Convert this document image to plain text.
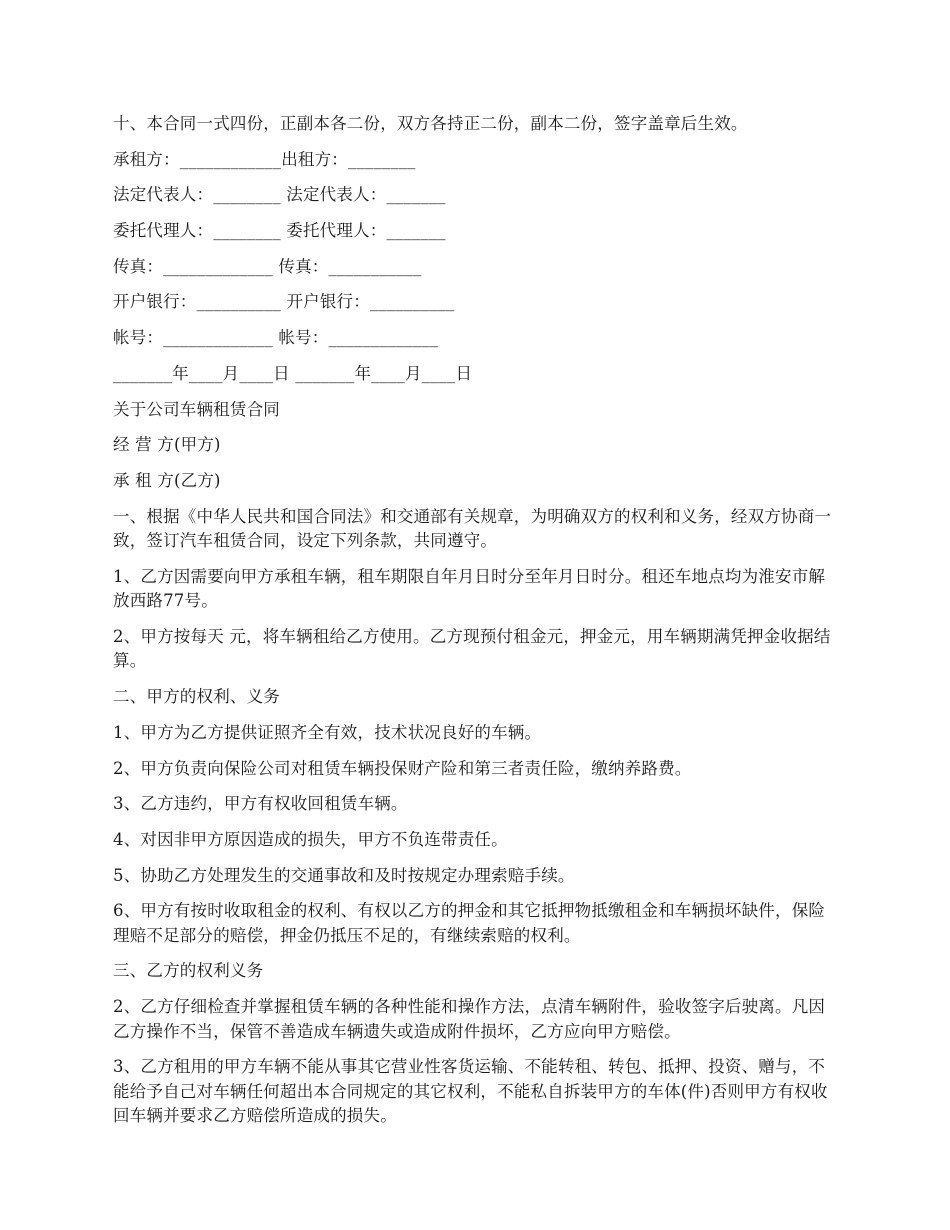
十、本合同一式四份，正副本各二份，双方各持正二份，副本二份，签字盖章后生效。

承租方：____________出租方：________

法定代表人：________ 法定代表人：_______

委托代理人：________ 委托代理人：_______

传真：_____________ 传真：___________

开户银行：__________ 开户银行：__________

帐号：_____________ 帐号：_____________

_______年____月____日 _______年____月____日

关于公司车辆租赁合同

经 营 方(甲方)

承 租 方(乙方)

一、根据《中华人民共和国合同法》和交通部有关规章，为明确双方的权利和义务，经双方协商一致，签订汽车租赁合同，设定下列条款，共同遵守。

1、乙方因需要向甲方承租车辆，租车期限自年月日时分至年月日时分。租还车地点均为淮安市解放西路77号。

2、甲方按每天 元，将车辆租给乙方使用。乙方现预付租金元，押金元，用车辆期满凭押金收据结算。

二、甲方的权利、义务

1、甲方为乙方提供证照齐全有效，技术状况良好的车辆。

2、甲方负责向保险公司对租赁车辆投保财产险和第三者责任险，缴纳养路费。

3、乙方违约，甲方有权收回租赁车辆。

4、对因非甲方原因造成的损失，甲方不负连带责任。

5、协助乙方处理发生的交通事故和及时按规定办理索赔手续。

6、甲方有按时收取租金的权利、有权以乙方的押金和其它抵押物抵缴租金和车辆损坏缺件，保险理赔不足部分的赔偿，押金仍抵压不足的，有继续索赔的权利。

三、乙方的权利义务

2、乙方仔细检查并掌握租赁车辆的各种性能和操作方法，点清车辆附件，验收签字后驶离。凡因乙方操作不当，保管不善造成车辆遗失或造成附件损坏，乙方应向甲方赔偿。

3、乙方租用的甲方车辆不能从事其它营业性客货运输、不能转租、转包、抵押、投资、赠与，不能给予自己对车辆任何超出本合同规定的其它权利，不能私自拆装甲方的车体(件)否则甲方有权收回车辆并要求乙方赔偿所造成的损失。
